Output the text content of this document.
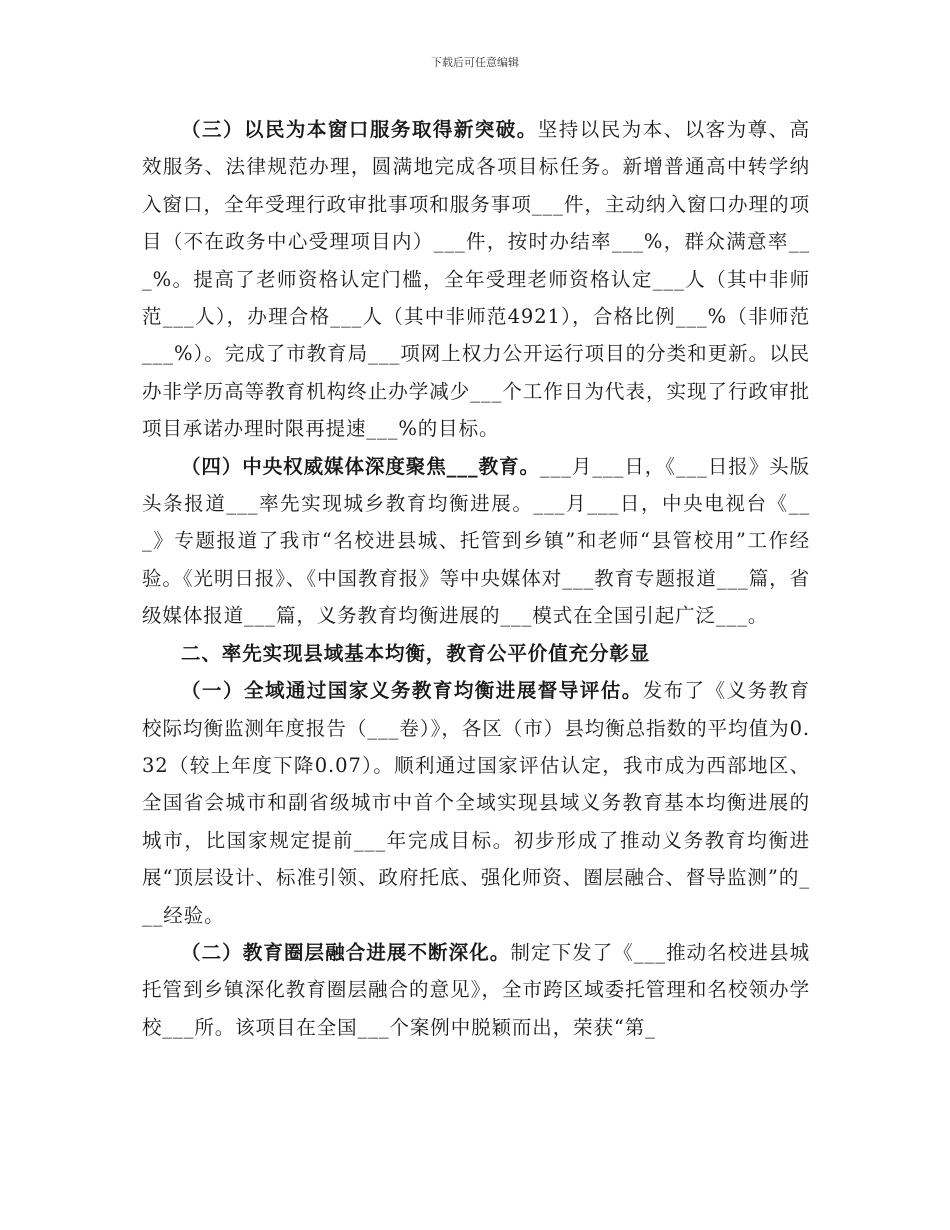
下载后可任意编辑

（三）以民为本窗口服务取得新突破。坚持以民为本、以客为尊、高效服务、法律规范办理，圆满地完成各项目标任务。新增普通高中转学纳入窗口，全年受理行政审批事项和服务事项___件，主动纳入窗口办理的项目（不在政务中心受理项目内）___件，按时办结率___%，群众满意率___%。提高了老师资格认定门槛，全年受理老师资格认定___人（其中非师范___人），办理合格___人（其中非师范4921），合格比例___%（非师范___%）。完成了市教育局___项网上权力公开运行项目的分类和更新。以民办非学历高等教育机构终止办学减少___个工作日为代表，实现了行政审批项目承诺办理时限再提速___%的目标。

（四）中央权威媒体深度聚焦___教育。___月___日，《___日报》头版头条报道___率先实现城乡教育均衡进展。___月___日，中央电视台《___》专题报道了我市“名校进县城、托管到乡镇”和老师“县管校用”工作经验。《光明日报》、《中国教育报》等中央媒体对___教育专题报道___篇，省级媒体报道___篇，义务教育均衡进展的___模式在全国引起广泛___。

二、率先实现县域基本均衡，教育公平价值充分彰显

（一）全域通过国家义务教育均衡进展督导评估。发布了《义务教育校际均衡监测年度报告（___卷）》，各区（市）县均衡总指数的平均值为0.32（较上年度下降0.07）。顺利通过国家评估认定，我市成为西部地区、全国省会城市和副省级城市中首个全域实现县域义务教育基本均衡进展的城市，比国家规定提前___年完成目标。初步形成了推动义务教育均衡进展“顶层设计、标准引领、政府托底、强化师资、圈层融合、督导监测”的___经验。

（二）教育圈层融合进展不断深化。制定下发了《___推动名校进县城托管到乡镇深化教育圈层融合的意见》，全市跨区域委托管理和名校领办学校___所。该项目在全国___个案例中脱颖而出，荣获“第_
